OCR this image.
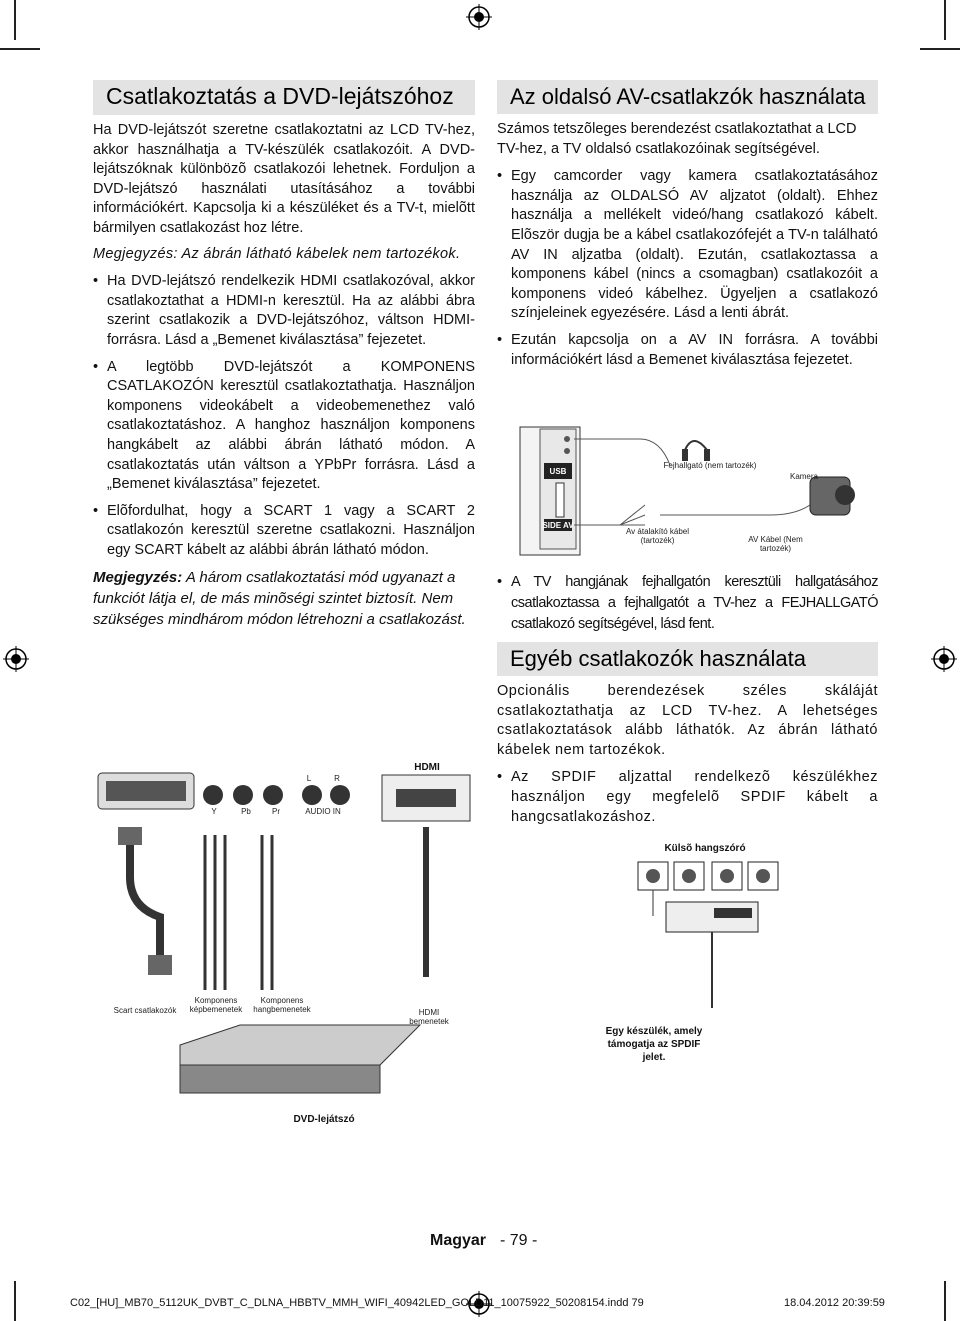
Csatlakoztatás a DVD-lejátszóhoz

Ha DVD-lejátszót szeretne csatlakoztatni az LCD TV-hez, akkor használhatja a TV-készülék csatlakozóit. A DVD-lejátszóknak különbözõ csatlakozói lehetnek. Forduljon a DVD-lejátszó használati utasításához a további információkért. Kapcsolja ki a készüléket és a TV-t, mielõtt bármilyen csatlakozást hoz létre.

Megjegyzés: Az ábrán látható kábelek nem tartozékok.

• Ha DVD-lejátszó rendelkezik HDMI csatlakozóval, akkor csatlakoztathat a HDMI-n keresztül. Ha az alábbi ábra szerint csatlakozik a DVD-lejátszóhoz, váltson HDMI-forrásra. Lásd a „Bemenet kiválasztása” fejezetet.
• A legtöbb DVD-lejátszót a KOMPONENS CSATLAKOZÓN keresztül csatlakoztathatja. Használjon komponens videokábelt a videobemenethez való csatlakoztatáshoz. A hanghoz használjon komponens hangkábelt az alábbi ábrán látható módon. A csatlakoztatás után váltson a YPbPr forrásra. Lásd a „Bemenet kiválasztása” fejezetet.
• Elõfordulhat, hogy a SCART 1 vagy a SCART 2 csatlakozón keresztül szeretne csatlakozni. Használjon egy SCART kábelt az alábbi ábrán látható módon.

Megjegyzés: A három csatlakoztatási mód ugyanazt a funkciót látja el, de más minõségi szintet biztosít. Nem szükséges mindhárom módon létrehozni a csatlakozást.

Az oldalsó AV-csatlakzók használata

Számos tetszõleges berendezést csatlakoztathat a LCD TV-hez, a TV oldalsó csatlakozóinak segítségével.

• Egy camcorder vagy kamera csatlakoztatásához használja az OLDALSÓ AV aljzatot (oldalt). Ehhez használja a mellékelt videó/hang csatlakozó kábelt. Elõször dugja be a kábel csatlakozófejét a TV-n található AV IN aljzatba (oldalt). Ezután, csatlakoztassa a komponens kábel (nincs a csomagban) csatlakozóit a komponens videó kábelhez. Ügyeljen a csatlakozó színjeleinek egyezésére. Lásd a lenti ábrát.
• Ezután kapcsolja on a AV IN forrásra. A további információkért lásd a Bemenet kiválasztása fejezetet.
USB
SIDE AV
Fejhallgató (nem tartozék)
Kamera
Av átalakító kábel (tartozék)	AV Kábel (Nem tartozék)
• A TV hangjának fejhallgatón keresztüli hallgatásához csatlakoztassa a fejhallgatót a TV-hez a FEJHALLGATÓ csatlakozó segítségével, lásd fent.
Egyéb csatlakozók használata

Opcionális berendezések széles skáláját csatlakoztathatja az LCD TV-hez. A lehetséges csatlakoztatások alább láthatók. Az ábrán látható kábelek nem tartozékok.

• Az SPDIF aljzattal rendelkezõ készülékhez használjon egy megfelelõ SPDIF kábelt a hangcsatlakozáshoz.
Y	Pb	Pr
L	R
AUDIO IN
HDMI
Scart csatlakozók
Komponens képbemenetek
Komponens hangbemenetek	HDMI bemenetek
DVD-lejátszó
Külsõ hangszóró
Egy készülék, amely támogatja az SPDIF jelet.
Magyar - 79 -
C02_[HU]_MB70_5112UK_DVBT_C_DLNA_HBBTV_MMH_WIFI_40942LED_GOLD11_10075922_50208154.indd 79	18.04.2012 20:39:59
